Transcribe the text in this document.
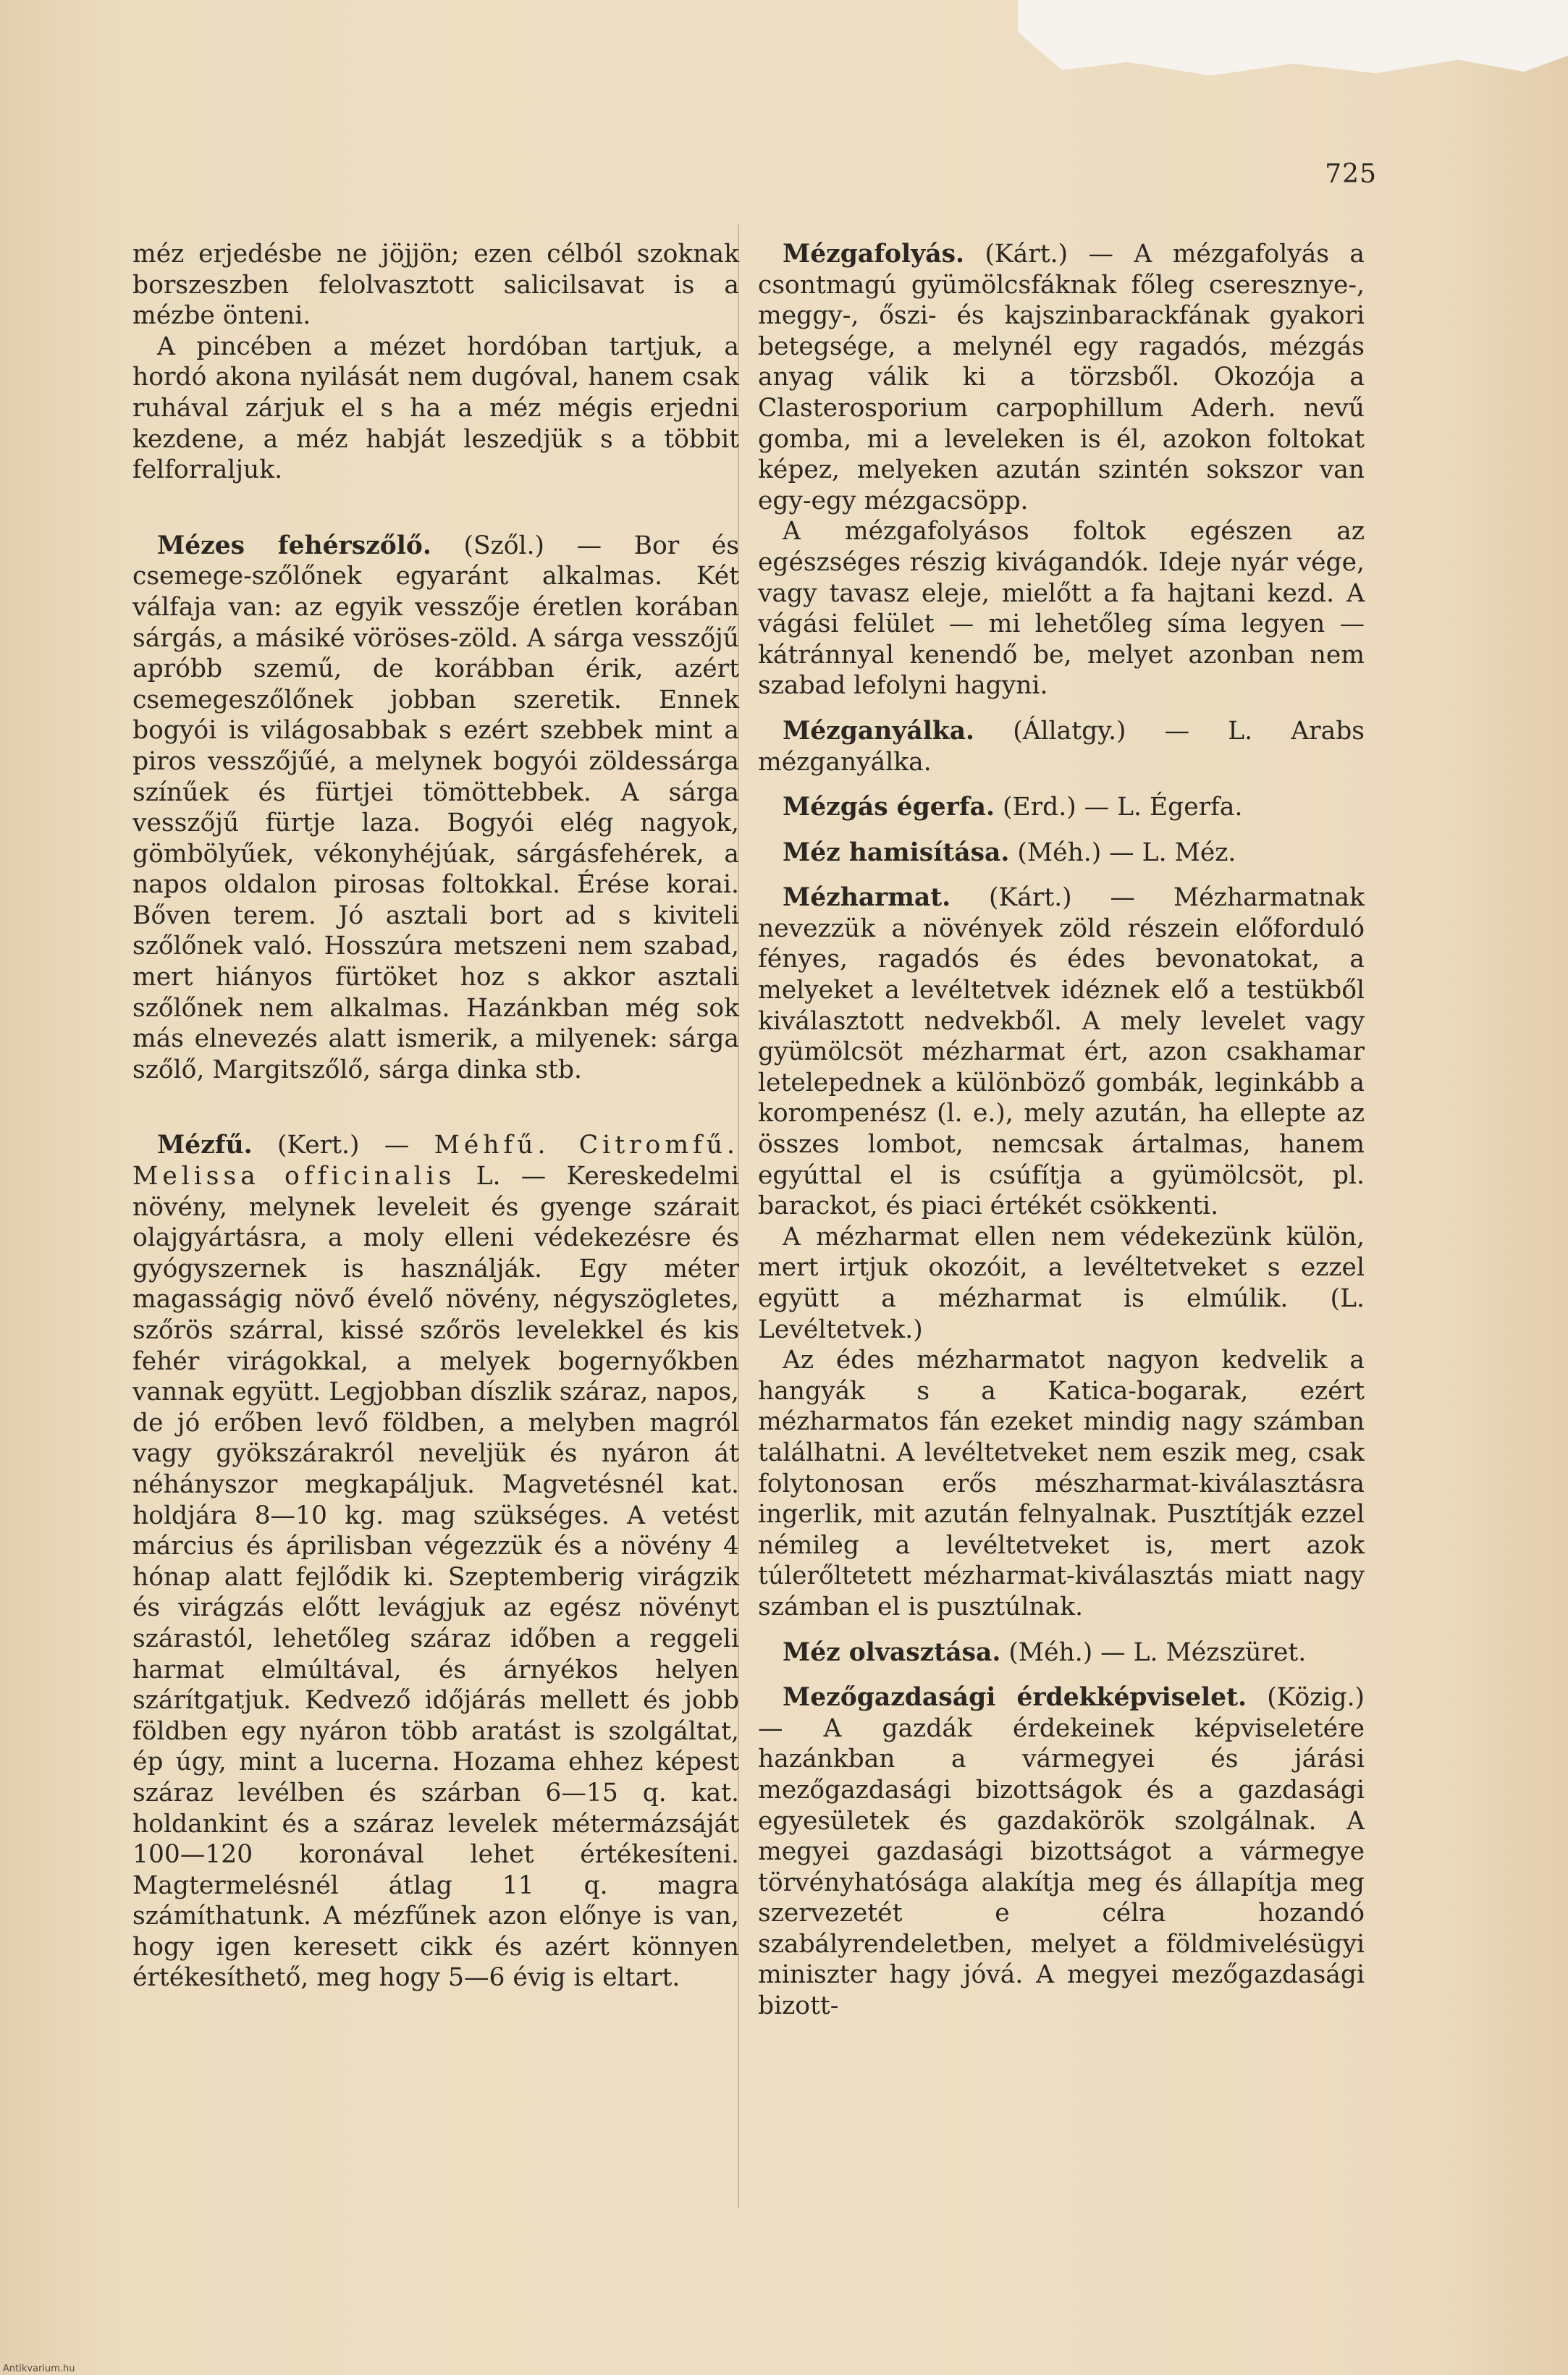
725

méz erjedésbe ne jöjjön; ezen célból szoknak borszeszben felolvasztott salicilsavat is a mézbe önteni.

A pincében a mézet hordóban tartjuk, a hordó akona nyilását nem dugóval, hanem csak ruhával zárjuk el s ha a méz mégis erjedni kezdene, a méz habját leszedjük s a többit felforraljuk.

Mézes fehérszőlő. (Szől.) — Bor és csemege-szőlőnek egyaránt alkalmas. Két válfaja van: az egyik vesszője éretlen korában sárgás, a másiké vöröses-zöld. A sárga vesszőjű apróbb szemű, de korábban érik, azért csemegeszőlőnek jobban szeretik. Ennek bogyói is világosabbak s ezért szebbek mint a piros vesszőjűé, a melynek bogyói zöldessárga színűek és fürtjei tömöttebbek. A sárga vesszőjű fürtje laza. Bogyói elég nagyok, gömbölyűek, vékonyhéjúak, sárgásfehérek, a napos oldalon pirosas foltokkal. Érése korai. Bőven terem. Jó asztali bort ad s kiviteli szőlőnek való. Hosszúra metszeni nem szabad, mert hiányos fürtöket hoz s akkor asztali szőlőnek nem alkalmas. Hazánkban még sok más elnevezés alatt ismerik, a milyenek: sárga szőlő, Margitszőlő, sárga dinka stb.

Mézfű. (Kert.) — Méhfű. Citromfű. Melissa officinalis L. — Kereskedelmi növény, melynek leveleit és gyenge szárait olajgyártásra, a moly elleni védekezésre és gyógyszernek is használják. Egy méter magasságig növő évelő növény, négyszögletes, szőrös szárral, kissé szőrös levelekkel és kis fehér virágokkal, a melyek bogernyőkben vannak együtt. Legjobban díszlik száraz, napos, de jó erőben levő földben, a melyben magról vagy gyökszárakról neveljük és nyáron át néhányszor megkapáljuk. Magvetésnél kat. holdjára 8—10 kg. mag szükséges. A vetést március és áprilisban végezzük és a növény 4 hónap alatt fejlődik ki. Szeptemberig virágzik és virágzás előtt levágjuk az egész növényt szárastól, lehetőleg száraz időben a reggeli harmat elmúltával, és árnyékos helyen szárítgatjuk. Kedvező időjárás mellett és jobb földben egy nyáron több aratást is szolgáltat, ép úgy, mint a lucerna. Hozama ehhez képest száraz levélben és szárban 6—15 q. kat. holdankint és a száraz levelek métermázsáját 100—120 koronával lehet értékesíteni. Magtermelésnél átlag 11 q. magra számíthatunk. A mézfűnek azon előnye is van, hogy igen keresett cikk és azért könnyen értékesíthető, meg hogy 5—6 évig is eltart.

Mézgafolyás. (Kárt.) — A mézgafolyás a csontmagú gyümölcsfáknak főleg cseresznye-, meggy-, őszi- és kajszinbarackfának gyakori betegsége, a melynél egy ragadós, mézgás anyag válik ki a törzsből. Okozója a Clasterosporium carpophillum Aderh. nevű gomba, mi a leveleken is él, azokon foltokat képez, melyeken azután szintén sokszor van egy-egy mézgacsöpp.

A mézgafolyásos foltok egészen az egészséges részig kivágandók. Ideje nyár vége, vagy tavasz eleje, mielőtt a fa hajtani kezd. A vágási felület — mi lehetőleg síma legyen — kátránnyal kenendő be, melyet azonban nem szabad lefolyni hagyni.

Mézganyálka. (Állatgy.) — L. Arabs mézganyálka.

Mézgás égerfa. (Erd.) — L. Égerfa.

Méz hamisítása. (Méh.) — L. Méz.

Mézharmat. (Kárt.) — Mézharmatnak nevezzük a növények zöld részein előforduló fényes, ragadós és édes bevonatokat, a melyeket a levéltetvek idéznek elő a testükből kiválasztott nedvekből. A mely levelet vagy gyümölcsöt mézharmat ért, azon csakhamar letelepednek a különböző gombák, leginkább a korompenész (l. e.), mely azután, ha ellepte az összes lombot, nemcsak ártalmas, hanem egyúttal el is csúfítja a gyümölcsöt, pl. barackot, és piaci értékét csökkenti.

A mézharmat ellen nem védekezünk külön, mert irtjuk okozóit, a levéltetveket s ezzel együtt a mézharmat is elmúlik. (L. Levéltetvek.)

Az édes mézharmatot nagyon kedvelik a hangyák s a Katica-bogarak, ezért mézharmatos fán ezeket mindig nagy számban találhatni. A levéltetveket nem eszik meg, csak folytonosan erős mészharmat-kiválasztásra ingerlik, mit azután felnyalnak. Pusztítják ezzel némileg a levéltetveket is, mert azok túlerőltetett mézharmat-kiválasztás miatt nagy számban el is pusztúlnak.

Méz olvasztása. (Méh.) — L. Mézszüret.

Mezőgazdasági érdekképviselet. (Közig.) — A gazdák érdekeinek képviseletére hazánkban a vármegyei és járási mezőgazdasági bizottságok és a gazdasági egyesületek és gazdakörök szolgálnak. A megyei gazdasági bizottságot a vármegye törvényhatósága alakítja meg és állapítja meg szervezetét e célra hozandó szabályrendeletben, melyet a földmivelésügyi miniszter hagy jóvá. A megyei mezőgazdasági bizott-

Antikvarium.hu
